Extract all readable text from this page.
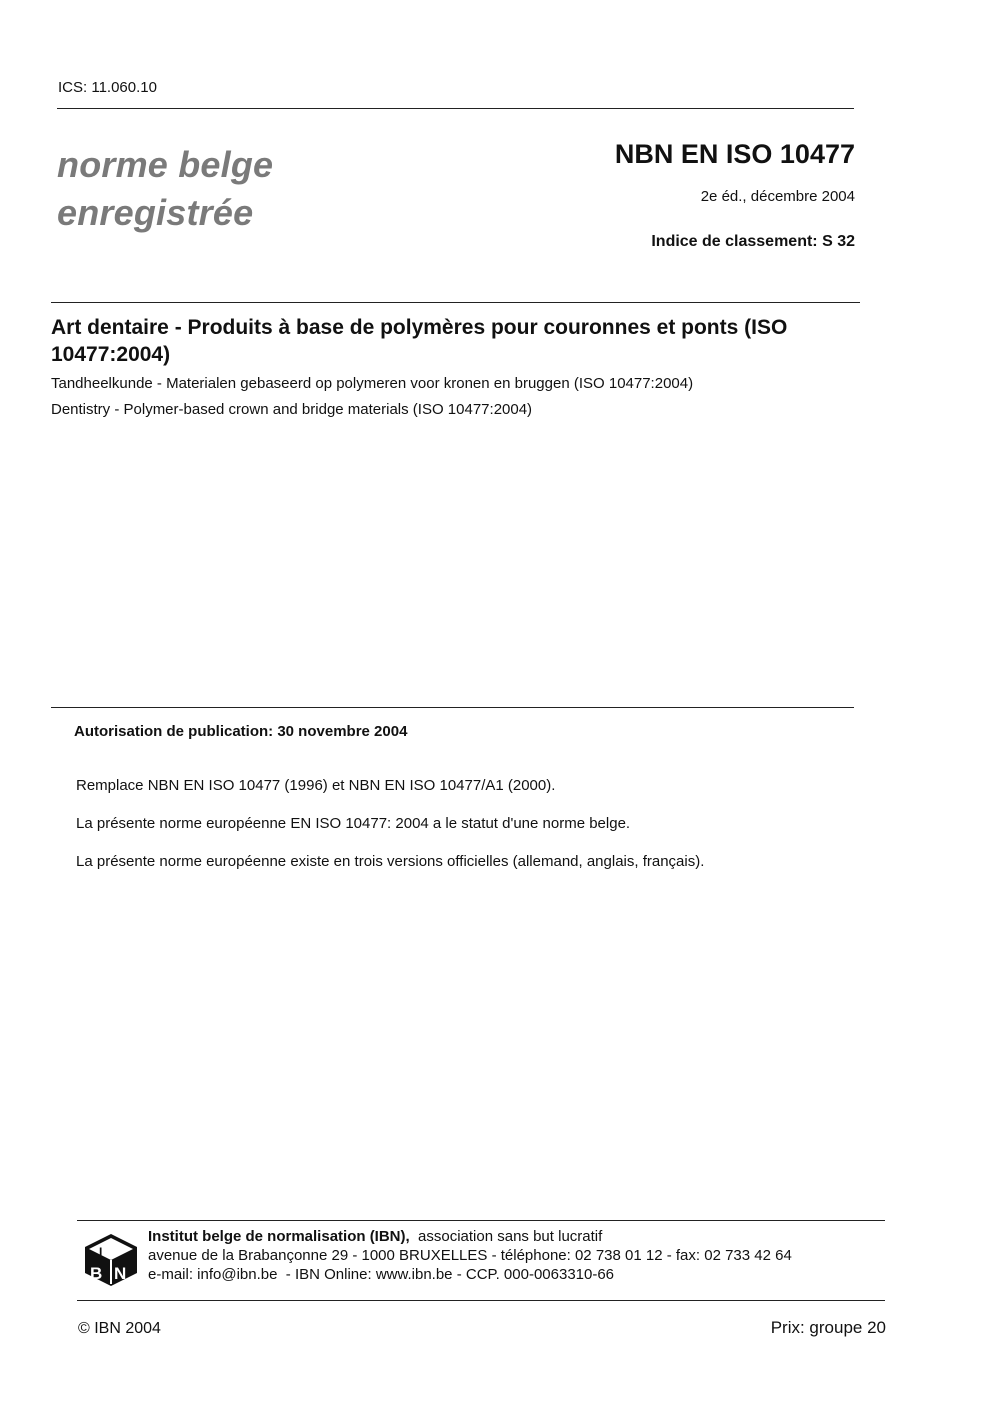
ICS: 11.060.10
norme belge
enregistrée
NBN EN ISO 10477
2e éd., décembre 2004
Indice de classement: S 32
Art dentaire - Produits à base de polymères pour couronnes et ponts (ISO 10477:2004)
Tandheelkunde - Materialen gebaseerd op polymeren voor kronen en bruggen (ISO 10477:2004)
Dentistry - Polymer-based crown and bridge materials (ISO 10477:2004)
Autorisation de publication: 30 novembre 2004

Remplace NBN EN ISO 10477 (1996) et NBN EN ISO 10477/A1 (2000).

La présente norme européenne EN ISO 10477: 2004 a le statut d'une norme belge.

La présente norme européenne existe en trois versions officielles (allemand, anglais, français).

I
B N
Institut belge de normalisation (IBN), association sans but lucratif
avenue de la Brabançonne 29 - 1000 BRUXELLES - téléphone: 02 738 01 12 - fax: 02 733 42 64
e-mail: info@ibn.be  - IBN Online: www.ibn.be - CCP. 000-0063310-66
© IBN 2004	Prix: groupe 20
